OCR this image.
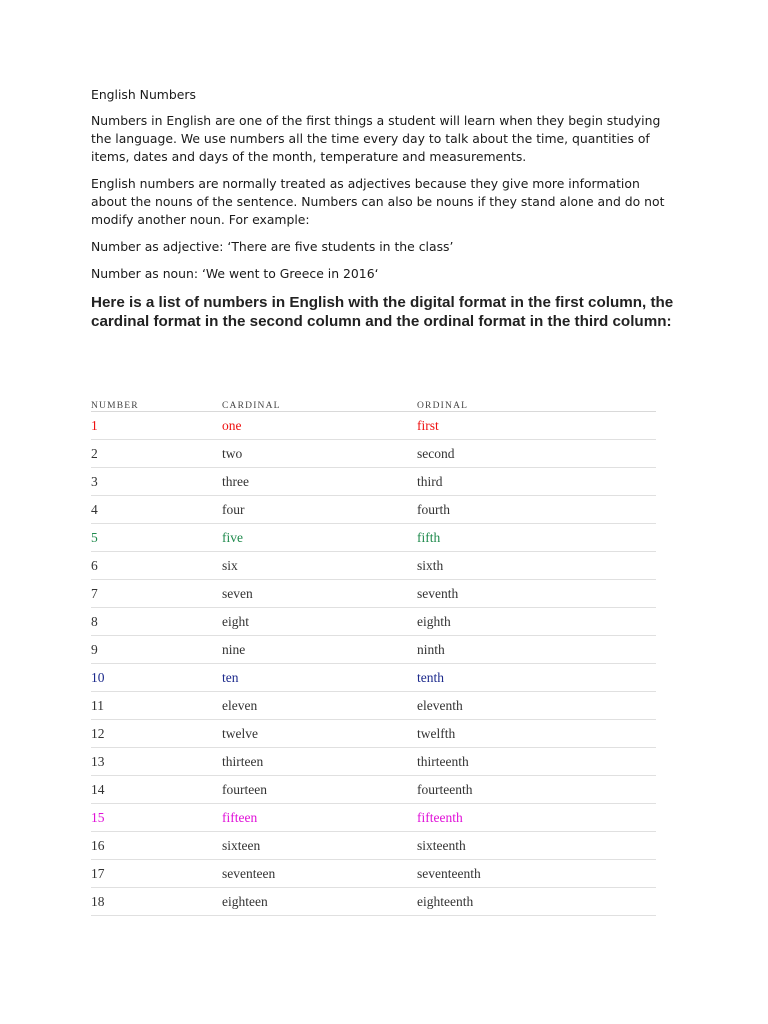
English Numbers

Numbers in English are one of the first things a student will learn when they begin studying the language. We use numbers all the time every day to talk about the time, quantities of items, dates and days of the month, temperature and measurements.

English numbers are normally treated as adjectives because they give more information about the nouns of the sentence. Numbers can also be nouns if they stand alone and do not modify another noun. For example:

Number as adjective: ‘There are five students in the class’

Number as noun: ‘We went to Greece in 2016‘

Here is a list of numbers in English with the digital format in the first column, the cardinal format in the second column and the ordinal format in the third column:

NUMBER	CARDINAL	ORDINAL
1	one	first
2	two	second
3	three	third
4	four	fourth
5	five	fifth
6	six	sixth
7	seven	seventh
8	eight	eighth
9	nine	ninth
10	ten	tenth
11	eleven	eleventh
12	twelve	twelfth
13	thirteen	thirteenth
14	fourteen	fourteenth
15	fifteen	fifteenth
16	sixteen	sixteenth
17	seventeen	seventeenth
18	eighteen	eighteenth
